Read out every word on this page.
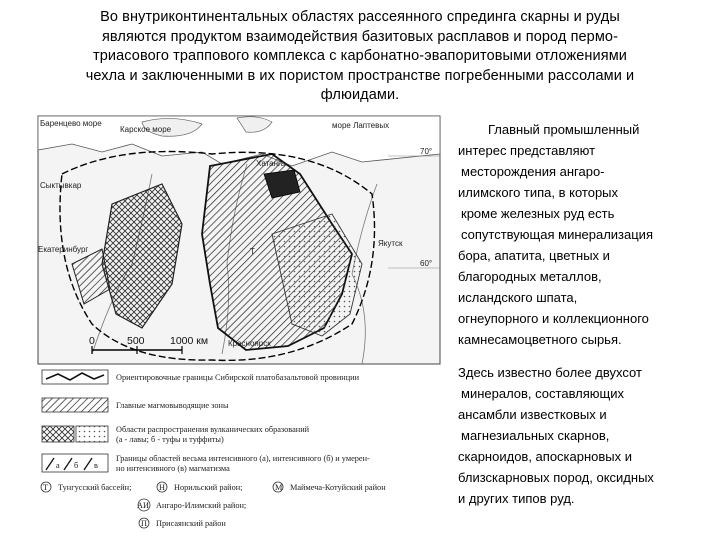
Во внутриконтинентальных областях рассеянного спрединга скарны и руды
являются продуктом взаимодействия базитовых расплавов и пород пермо-
триасового траппового комплекса с карбонатно-эвапоритовыми отложениями
чехла и заключенными в их пористом пространстве погребенными рассолами и
флюидами.
Баренцево море
Карское море	море Лаптевых
Сыктывкар
Екатеринбург
Якутск
Красноярск
Хатанга
70°
60°
Т
Н
0	500 1000 км
Ориентировочные границы Сибирской платобазальтовой провинции
Главные магмовыводящие зоны
Области распространения вулканических образований
(а - лавы; б - туфы и туффиты)
а б в
Границы областей весьма интенсивного (а), интенсивного (б) и умерен-
но интенсивного (в) магматизма
Т Тунгусский бассейн;	Н Норильский район;	М Маймеча-Котуйский район
АИ Ангаро-Илимский район;
П Присаянский район
Главный промышленный
интерес представляют
месторождения ангаро-
илимского типа, в которых
кроме железных руд есть
сопутствующая минерализация
бора, апатита, цветных и
благородных металлов,
исландского шпата,
огнеупорного и коллекционного
камнесамоцветного сырья.
Здесь известно более двухсот
минералов, составляющих
ансамбли известковых и
магнезиальных скарнов,
скарноидов, апоскарновых и
близскарновых пород, оксидных
и других типов руд.
